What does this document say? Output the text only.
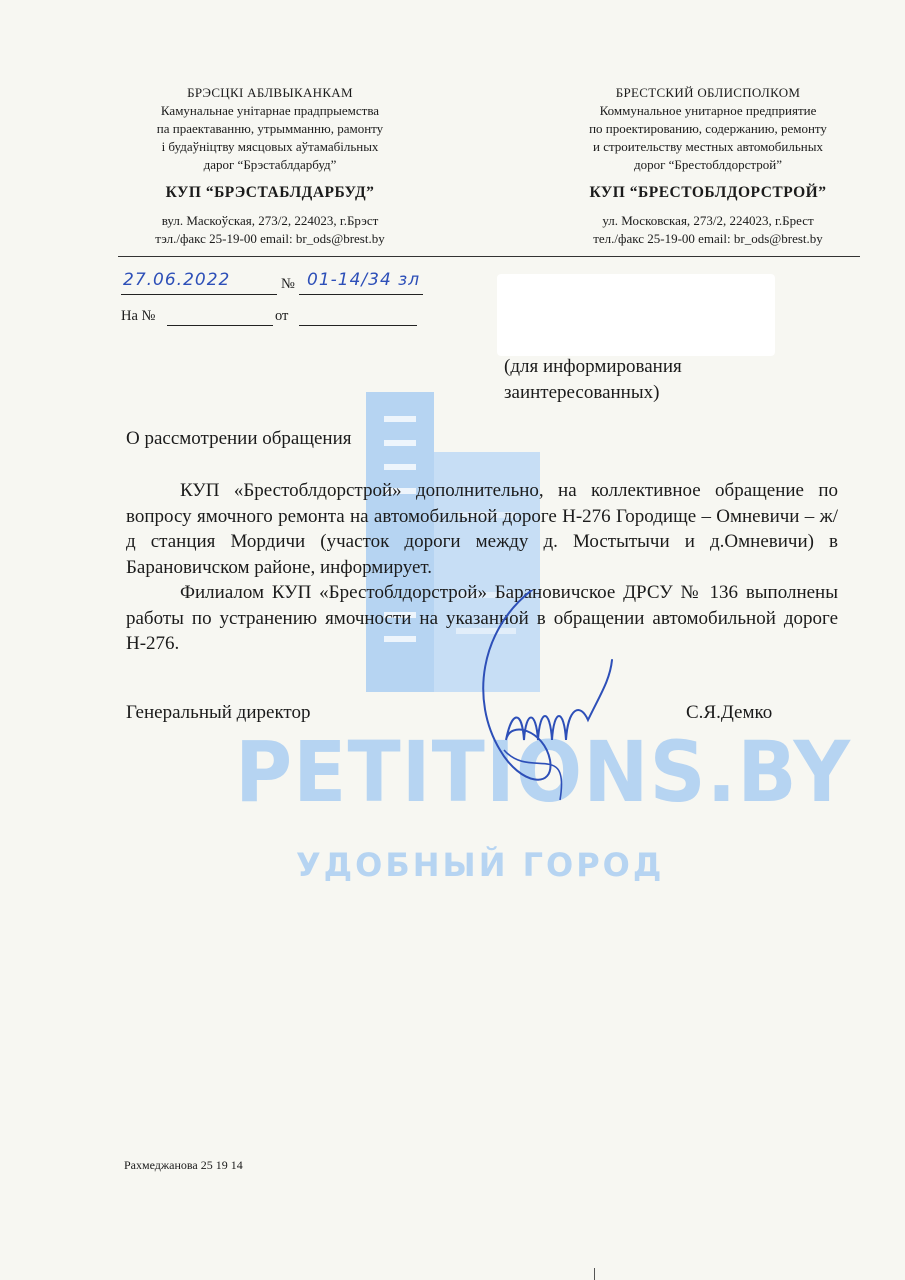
PETITIONS.BY
УДОБНЫЙ ГОРОД
БРЭСЦКІ АБЛВЫКАНКАМ
Камунальнае унітарнае прадпрыемства
па праектаванню, утрымманню, рамонту
і будаўніцтву мясцовых аўтамабільных
дарог “Брэстаблдарбуд”
КУП “БРЭСТАБЛДАРБУД”
вул. Маскоўская, 273/2, 224023, г.Брэст
тэл./факс 25-19-00 email: br_ods@brest.by
БРЕСТСКИЙ ОБЛИСПОЛКОМ
Коммунальное унитарное предприятие
по проектированию, содержанию, ремонту
и строительству местных автомобильных
дорог “Брестоблдорстрой”
КУП “БРЕСТОБЛДОРСТРОЙ”
ул. Московская, 273/2, 224023, г.Брест
тел./факс 25-19-00 email: br_ods@brest.by
27.06.2022	№ 01-14/34 зл
На №	от
(для информирования
заинтересованных)
О рассмотрении обращения

КУП «Брестоблдорстрой» дополнительно, на коллективное обращение по вопросу ямочного ремонта на автомобильной дороге Н-276 Городище – Омневичи – ж/д станция Мордичи (участок дороги между д. Мостытычи и д.Омневичи) в Барановичском районе, информирует.

Филиалом КУП «Брестоблдорстрой» Барановичское ДРСУ № 136 выполнены работы по устранению ямочности на указанной в обращении автомобильной дороге Н-276.

Генеральный директор	С.Я.Демко
Рахмеджанова 25 19 14
